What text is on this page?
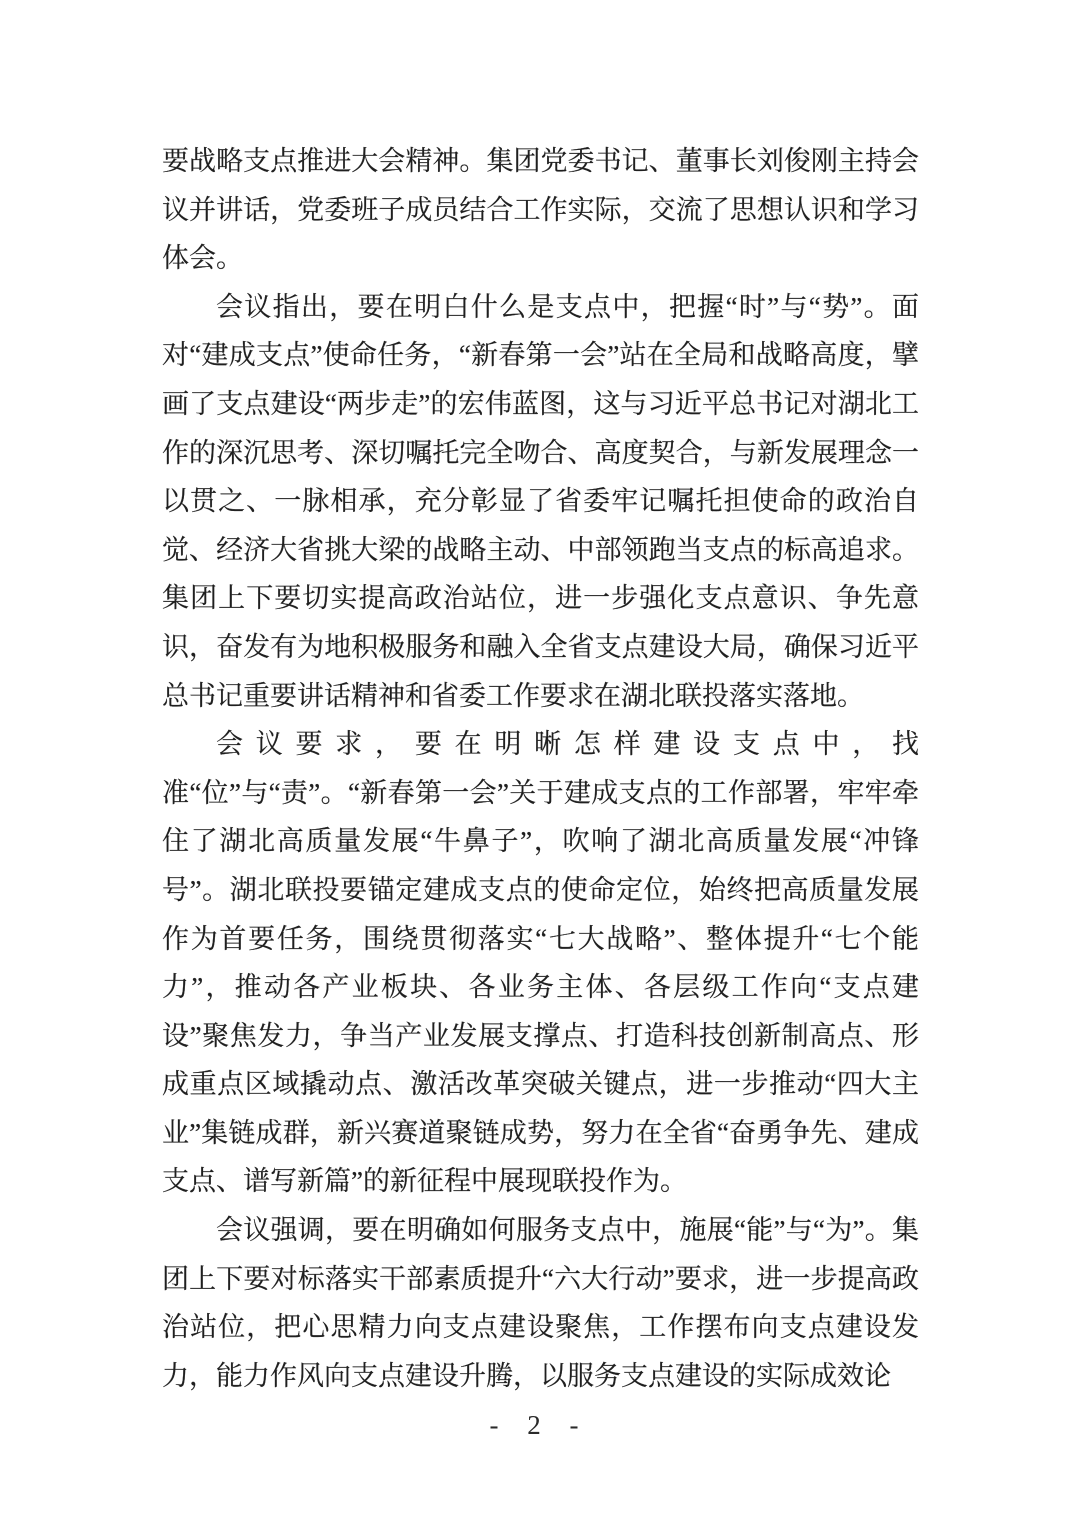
要战略支点推进大会精神。集团党委书记、董事长刘俊刚主持会议并讲话，党委班子成员结合工作实际，交流了思想认识和学习体会。

会议指出，要在明白什么是支点中，把握“时”与“势”。面对“建成支点”使命任务，“新春第一会”站在全局和战略高度，擘画了支点建设“两步走”的宏伟蓝图，这与习近平总书记对湖北工作的深沉思考、深切嘱托完全吻合、高度契合，与新发展理念一以贯之、一脉相承，充分彰显了省委牢记嘱托担使命的政治自觉、经济大省挑大梁的战略主动、中部领跑当支点的标高追求。集团上下要切实提高政治站位，进一步强化支点意识、争先意识，奋发有为地积极服务和融入全省支点建设大局，确保习近平总书记重要讲话精神和省委工作要求在湖北联投落实落地。

会议要求，要在明晰怎样建设支点中，找准“位”与“责”。“新春第一会”关于建成支点的工作部署，牢牢牵住了湖北高质量发展“牛鼻子”，吹响了湖北高质量发展“冲锋号”。湖北联投要锚定建成支点的使命定位，始终把高质量发展作为首要任务，围绕贯彻落实“七大战略”、整体提升“七个能力”，推动各产业板块、各业务主体、各层级工作向“支点建设”聚焦发力，争当产业发展支撑点、打造科技创新制高点、形成重点区域撬动点、激活改革突破关键点，进一步推动“四大主业”集链成群，新兴赛道聚链成势，努力在全省“奋勇争先、建成支点、谱写新篇”的新征程中展现联投作为。

会议强调，要在明确如何服务支点中，施展“能”与“为”。集团上下要对标落实干部素质提升“六大行动”要求，进一步提高政治站位，把心思精力向支点建设聚焦，工作摆布向支点建设发力，能力作风向支点建设升腾，以服务支点建设的实际成效论

- 2 -
